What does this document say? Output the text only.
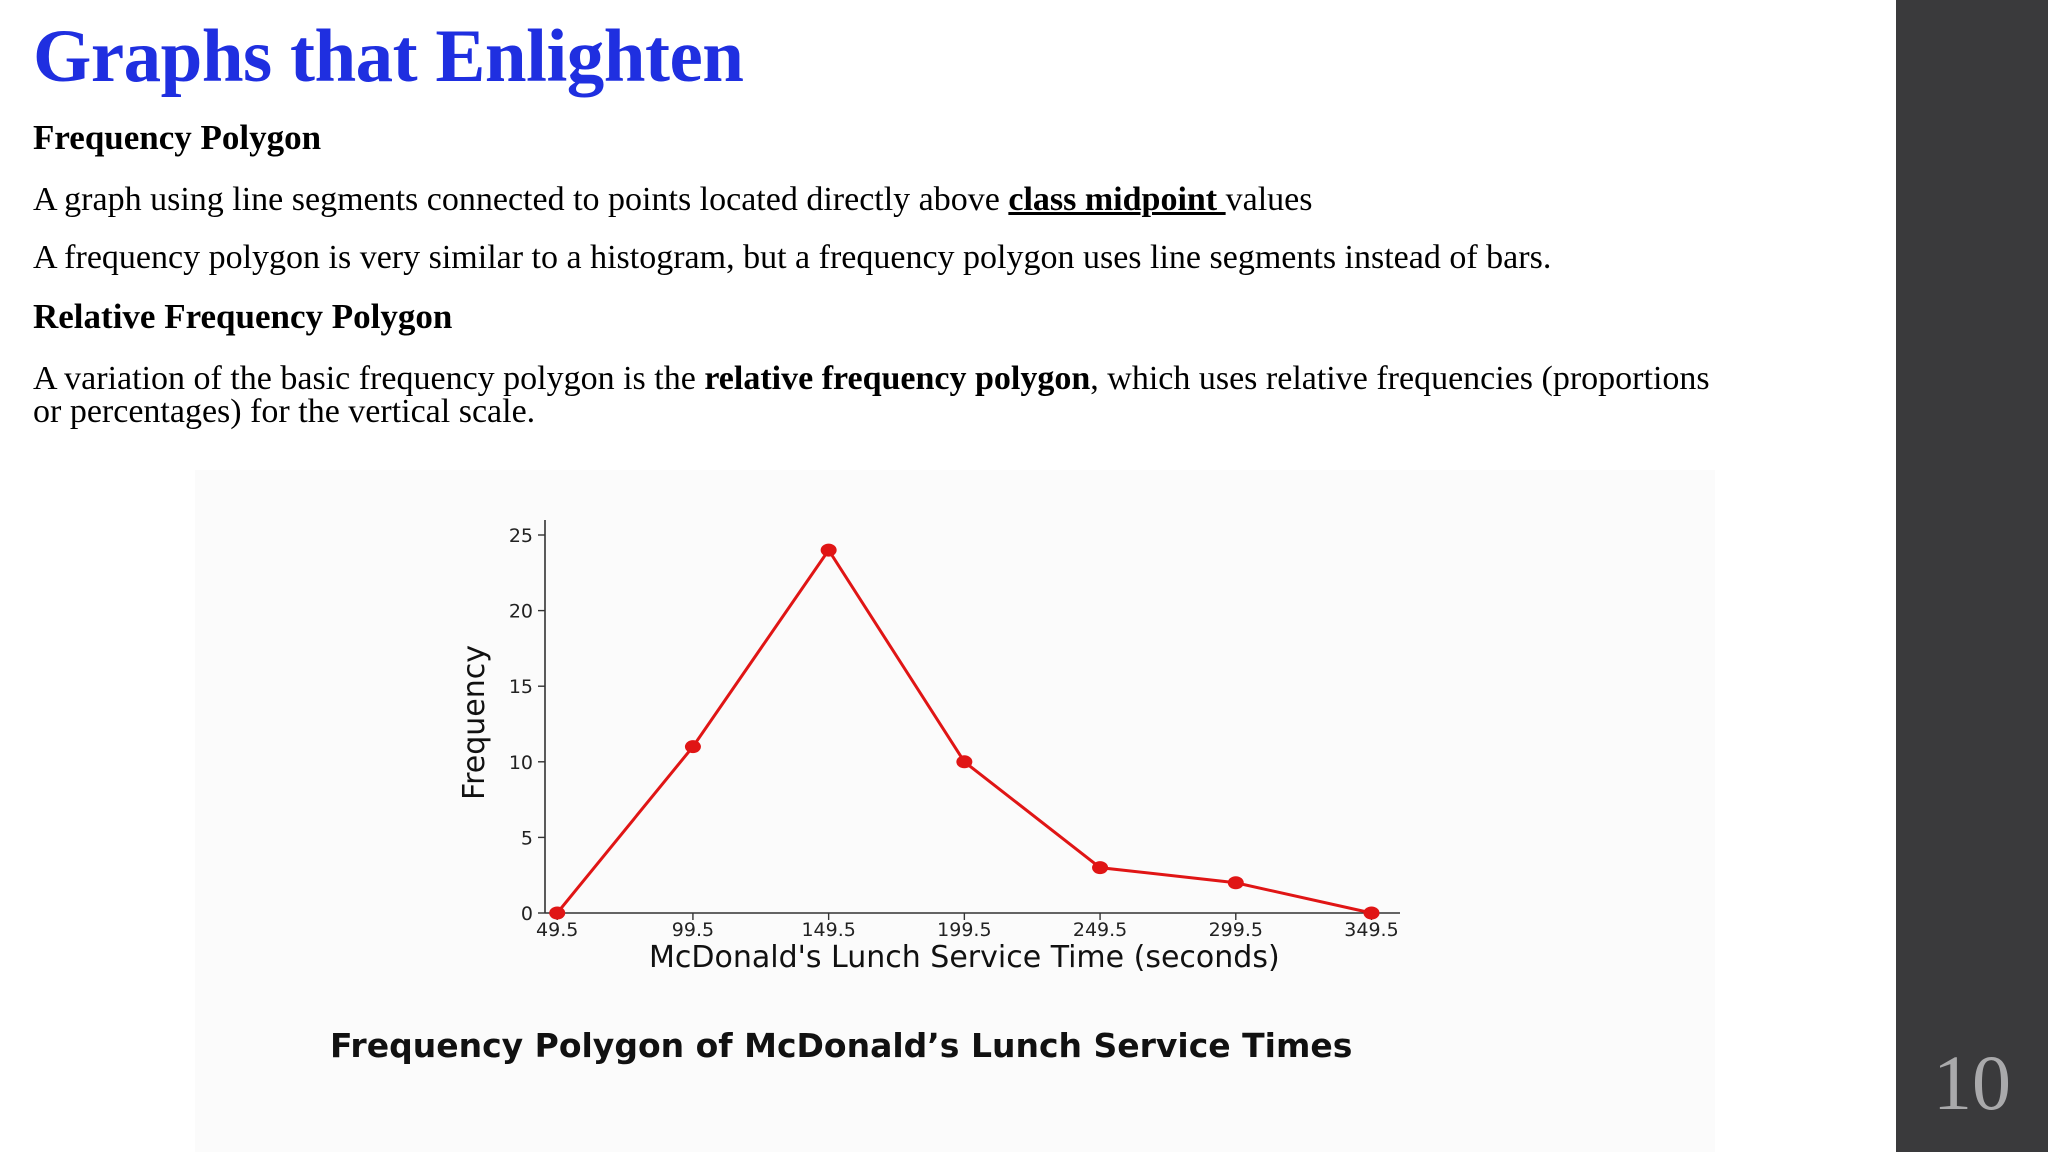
10
Graphs that Enlighten

Frequency Polygon

A graph using line segments connected to points located directly above class midpoint values

A frequency polygon is very similar to a histogram, but a frequency polygon uses line segments instead of bars.

Relative Frequency Polygon

A variation of the basic frequency polygon is the relative frequency polygon, which uses relative frequencies (proportions

or percentages) for the vertical scale.

0
5
10
15
20
25
49.5	99.5	149.5	199.5	249.5	299.5	349.5
McDonald's Lunch Service Time (seconds)
Frequency
Frequency Polygon of McDonald’s Lunch Service Times
